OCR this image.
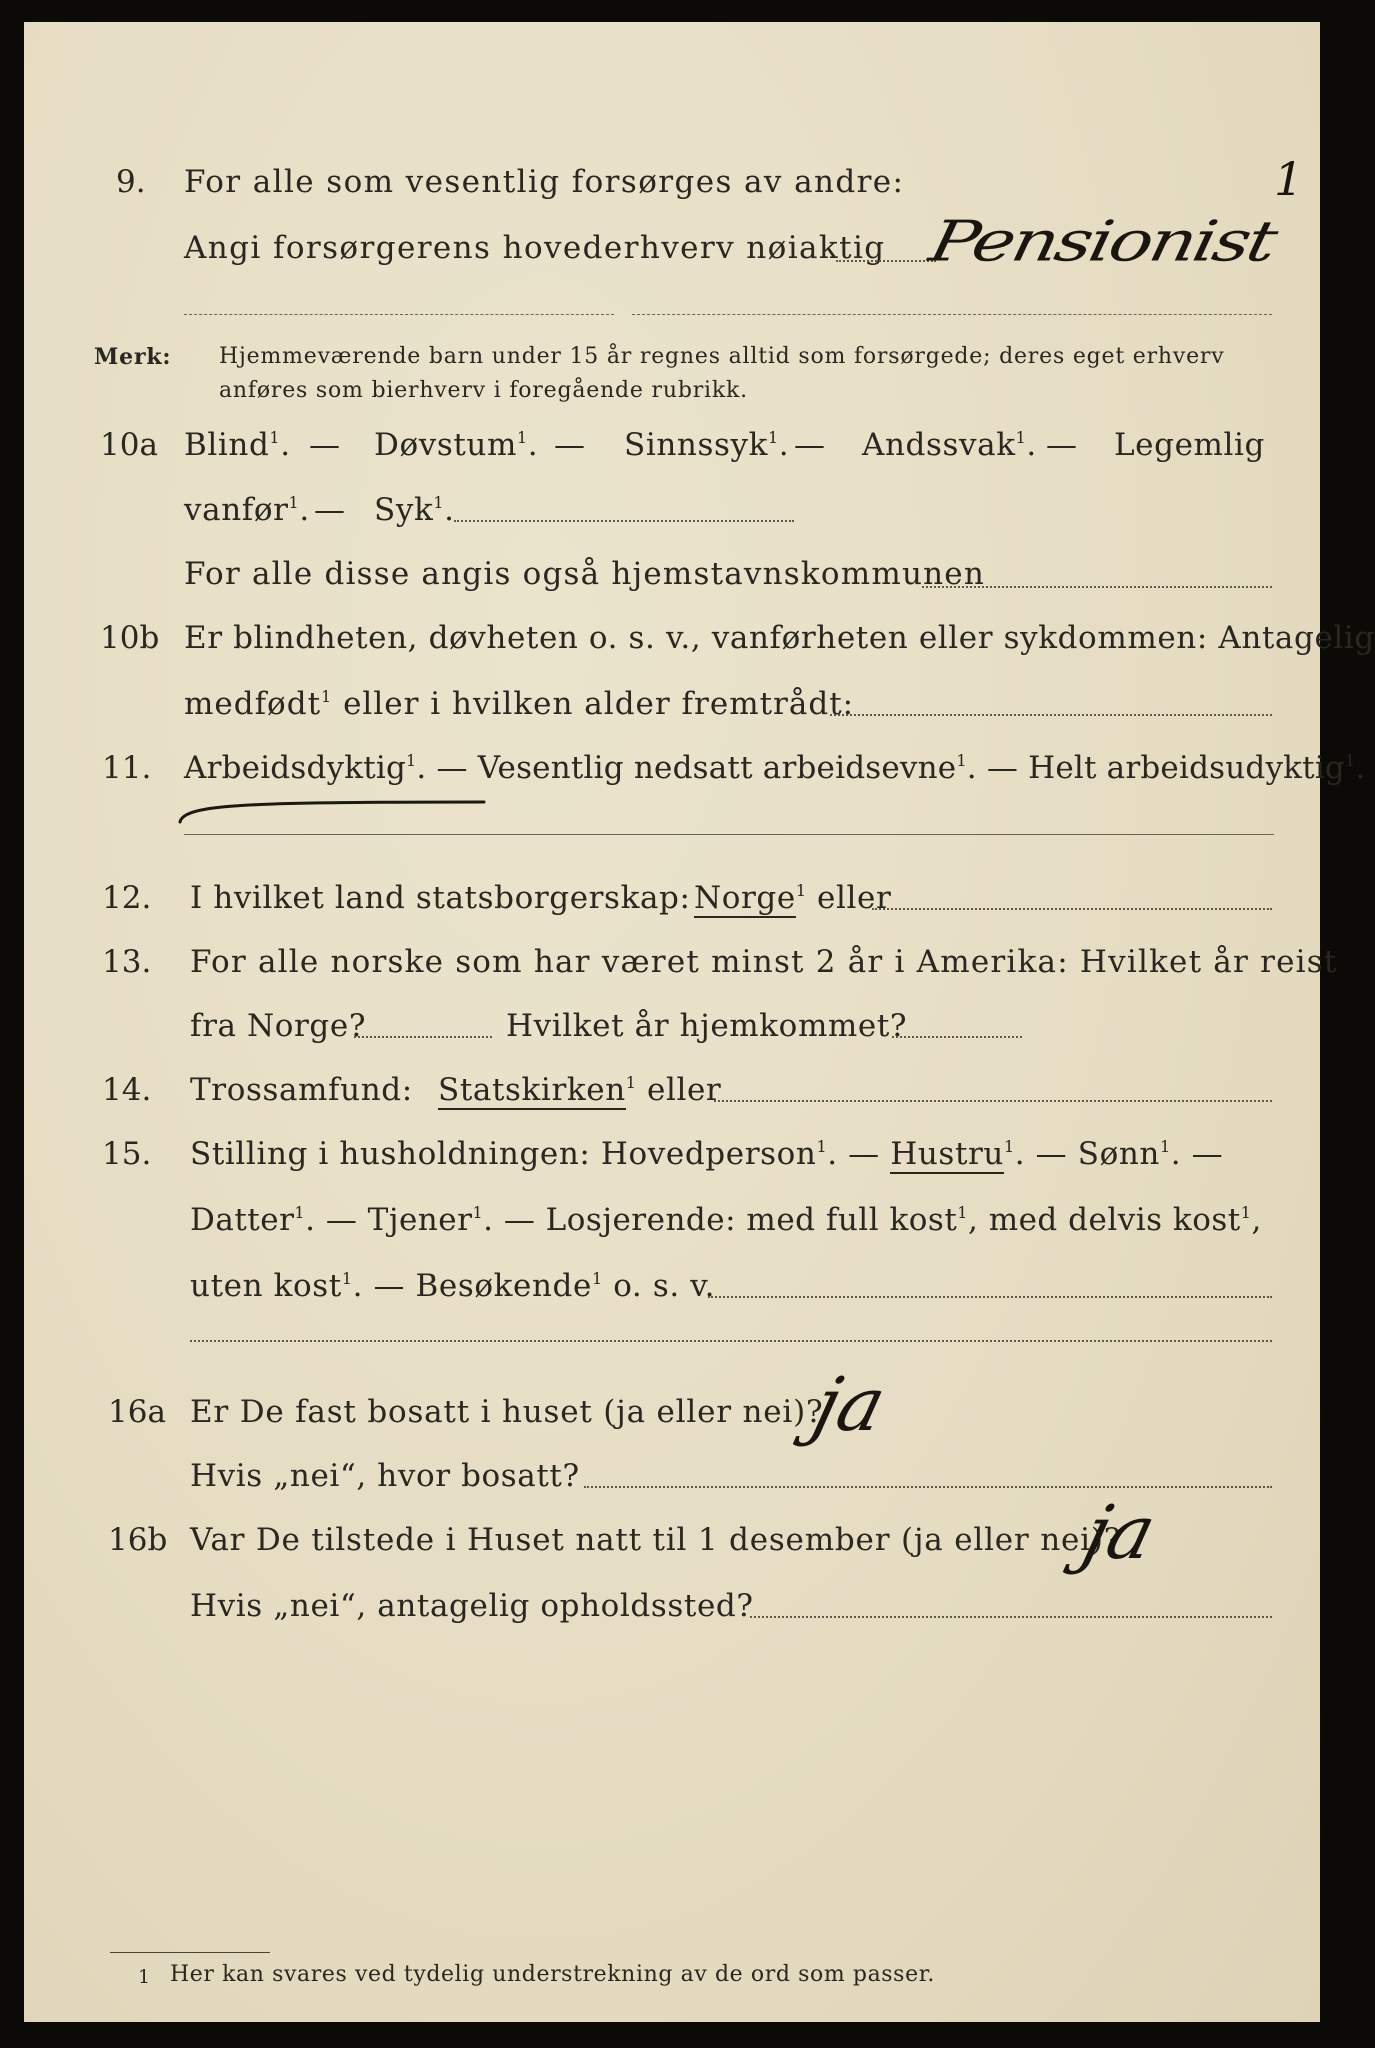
9. For alle som vesentlig forsørges av andre:	1
Angi forsørgerens hovederhverv nøiaktig Pensionist
Merk: Hjemmeværende barn under 15 år regnes alltid som forsørgede; deres eget erhverv
anføres som bierhverv i foregående rubrikk.
10a Blind$^1$. — Døvstum$^1$. — Sinnssyk$^1$. — Andssvak$^1$. — Legemlig
vanfør$^1$. — Syk$^1$.
For alle disse angis også hjemstavnskommunen
10b Er blindheten, døvheten o. s. v., vanførheten eller sykdommen: Antagelig
medfødt$^1$ eller i hvilken alder fremtrådt:
11. Arbeidsdyktig$^1$. — Vesentlig nedsatt arbeidsevne$^1$. — Helt arbeidsudyktig$^1$.
12. I hvilket land statsborgerskap: Norge$^1$ eller
13. For alle norske som har været minst 2 år i Amerika: Hvilket år reist
fra Norge?	Hvilket år hjemkommet?
14. Trossamfund: Statskirken$^1$ eller
15. Stilling i husholdningen: Hovedperson$^1$. — Hustru$^1$. — Sønn$^1$. —
Datter$^1$. — Tjener$^1$. — Losjerende: med full kost$^1$, med delvis kost$^1$,
uten kost$^1$. — Besøkende$^1$ o. s. v.
16a Er De fast bosatt i huset (ja eller nei)?
ja
Hvis „nei“, hvor bosatt?
16b Var De tilstede i Huset natt til 1 desember (ja eller nei)?
ja
Hvis „nei“, antagelig opholdssted?
1 Her kan svares ved tydelig understrekning av de ord som passer.
